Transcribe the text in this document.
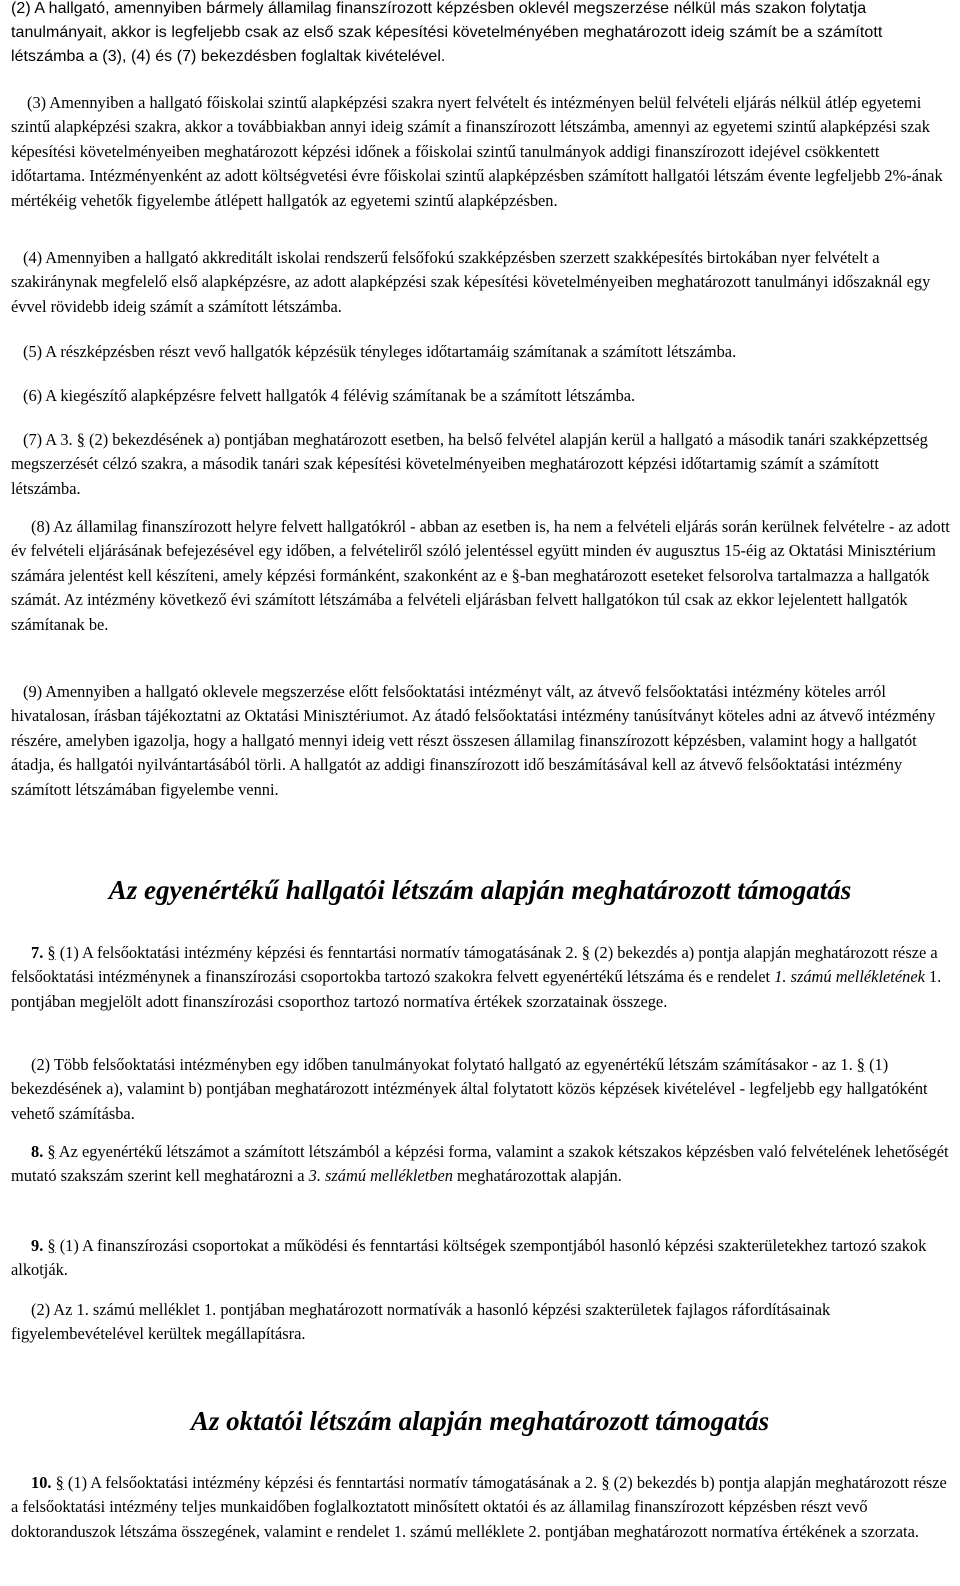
(2) A hallgató, amennyiben bármely államilag finanszírozott képzésben oklevél megszerzése nélkül más szakon folytatja tanulmányait, akkor is legfeljebb csak az első szak képesítési követelményében meghatározott ideig számít be a számított létszámba a (3), (4) és (7) bekezdésben foglaltak kivételével.

(3) Amennyiben a hallgató főiskolai szintű alapképzési szakra nyert felvételt és intézményen belül felvételi eljárás nélkül átlép egyetemi szintű alapképzési szakra, akkor a továbbiakban annyi ideig számít a finanszírozott létszámba, amennyi az egyetemi szintű alapképzési szak képesítési követelményeiben meghatározott képzési időnek a főiskolai szintű tanulmányok addigi finanszírozott idejével csökkentett időtartama. Intézményenként az adott költségvetési évre főiskolai szintű alapképzésben számított hallgatói létszám évente legfeljebb 2%-ának mértékéig vehetők figyelembe átlépett hallgatók az egyetemi szintű alapképzésben.

(4) Amennyiben a hallgató akkreditált iskolai rendszerű felsőfokú szakképzésben szerzett szakképesítés birtokában nyer felvételt a szakiránynak megfelelő első alapképzésre, az adott alapképzési szak képesítési követelményeiben meghatározott tanulmányi időszaknál egy évvel rövidebb ideig számít a számított létszámba.

(5) A részképzésben részt vevő hallgatók képzésük tényleges időtartamáig számítanak a számított létszámba.

(6) A kiegészítő alapképzésre felvett hallgatók 4 félévig számítanak be a számított létszámba.

(7) A 3. § (2) bekezdésének a) pontjában meghatározott esetben, ha belső felvétel alapján kerül a hallgató a második tanári szakképzettség megszerzését célzó szakra, a második tanári szak képesítési követelményeiben meghatározott képzési időtartamig számít a számított létszámba.

(8) Az államilag finanszírozott helyre felvett hallgatókról - abban az esetben is, ha nem a felvételi eljárás során kerülnek felvételre - az adott év felvételi eljárásának befejezésével egy időben, a felvételiről szóló jelentéssel együtt minden év augusztus 15-éig az Oktatási Minisztérium számára jelentést kell készíteni, amely képzési formánként, szakonként az e §-ban meghatározott eseteket felsorolva tartalmazza a hallgatók számát. Az intézmény következő évi számított létszámába a felvételi eljárásban felvett hallgatókon túl csak az ekkor lejelentett hallgatók számítanak be.

(9) Amennyiben a hallgató oklevele megszerzése előtt felsőoktatási intézményt vált, az átvevő felsőoktatási intézmény köteles arról hivatalosan, írásban tájékoztatni az Oktatási Minisztériumot. Az átadó felsőoktatási intézmény tanúsítványt köteles adni az átvevő intézmény részére, amelyben igazolja, hogy a hallgató mennyi ideig vett részt összesen államilag finanszírozott képzésben, valamint hogy a hallgatót átadja, és hallgatói nyilvántartásából törli. A hallgatót az addigi finanszírozott idő beszámításával kell az átvevő felsőoktatási intézmény számított létszámában figyelembe venni.

Az egyenértékű hallgatói létszám alapján meghatározott támogatás

7. § (1) A felsőoktatási intézmény képzési és fenntartási normatív támogatásának 2. § (2) bekezdés a) pontja alapján meghatározott része a felsőoktatási intézménynek a finanszírozási csoportokba tartozó szakokra felvett egyenértékű létszáma és e rendelet 1. számú mellékletének 1. pontjában megjelölt adott finanszírozási csoporthoz tartozó normatíva értékek szorzatainak összege.

(2) Több felsőoktatási intézményben egy időben tanulmányokat folytató hallgató az egyenértékű létszám számításakor - az 1. § (1) bekezdésének a), valamint b) pontjában meghatározott intézmények által folytatott közös képzések kivételével - legfeljebb egy hallgatóként vehető számításba.

8. § Az egyenértékű létszámot a számított létszámból a képzési forma, valamint a szakok kétszakos képzésben való felvételének lehetőségét mutató szakszám szerint kell meghatározni a 3. számú mellékletben meghatározottak alapján.

9. § (1) A finanszírozási csoportokat a működési és fenntartási költségek szempontjából hasonló képzési szakterületekhez tartozó szakok alkotják.

(2) Az 1. számú melléklet 1. pontjában meghatározott normatívák a hasonló képzési szakterületek fajlagos ráfordításainak figyelembevételével kerültek megállapításra.

Az oktatói létszám alapján meghatározott támogatás

10. § (1) A felsőoktatási intézmény képzési és fenntartási normatív támogatásának a 2. § (2) bekezdés b) pontja alapján meghatározott része a felsőoktatási intézmény teljes munkaidőben foglalkoztatott minősített oktatói és az államilag finanszírozott képzésben részt vevő doktoranduszok létszáma összegének, valamint e rendelet 1. számú melléklete 2. pontjában meghatározott normatíva értékének a szorzata.
